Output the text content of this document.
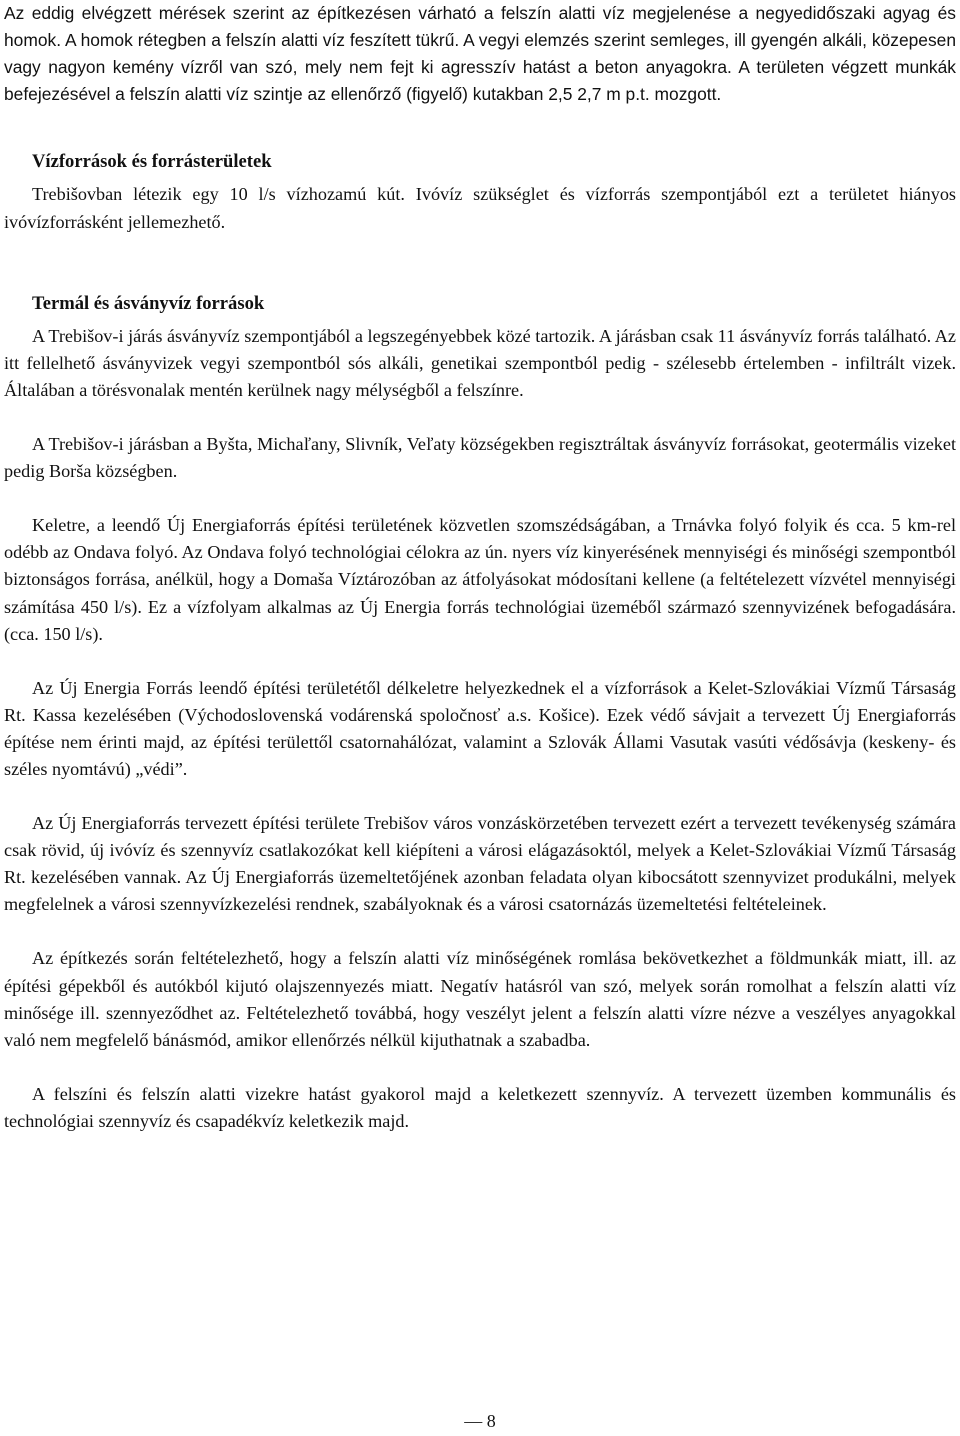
Az eddig elvégzett mérések szerint az építkezésen várható a felszín alatti víz megjelenése a negyedidőszaki agyag és homok. A homok rétegben a felszín alatti víz feszített tükrű. A vegyi elemzés szerint semleges, ill gyengén alkáli, közepesen vagy nagyon kemény vízről van szó, mely nem fejt ki agresszív hatást a beton anyagokra. A területen végzett munkák befejezésével a felszín alatti víz szintje az ellenőrző (figyelő) kutakban 2,5 2,7 m p.t. mozgott.

Vízforrások és forrásterületek

Trebišovban létezik egy 10 l/s vízhozamú kút. Ivóvíz szükséglet és vízforrás szempontjából ezt a területet hiányos ivóvízforrásként jellemezhető.

Termál és ásványvíz források

A Trebišov-i járás ásványvíz szempontjából a legszegényebbek közé tartozik. A járásban csak 11 ásványvíz forrás található. Az itt fellelhető ásványvizek vegyi szempontból sós alkáli, genetikai szempontból pedig - szélesebb értelemben - infiltrált vizek. Általában a törésvonalak mentén kerülnek nagy mélységből a felszínre.

A Trebišov-i járásban a Byšta, Michaľany, Slivník, Veľaty községekben regisztráltak ásványvíz forrásokat, geotermális vizeket pedig Borša községben.

Keletre, a leendő Új Energiaforrás építési területének közvetlen szomszédságában, a Trnávka folyó folyik és cca. 5 km-rel odébb az Ondava folyó. Az Ondava folyó technológiai célokra az ún. nyers víz kinyerésének mennyiségi és minőségi szempontból biztonságos forrása, anélkül, hogy a Domaša Víztározóban az átfolyásokat módosítani kellene (a feltételezett vízvétel mennyiségi számítása 450 l/s). Ez a vízfolyam alkalmas az Új Energia forrás technológiai üzeméből származó szennyvizének befogadására. (cca. 150 l/s).

Az Új Energia Forrás leendő építési területétől délkeletre helyezkednek el a vízforrások a Kelet-Szlovákiai Vízmű Társaság Rt. Kassa kezelésében (Východoslovenská vodárenská spoločnosť a.s. Košice). Ezek védő sávjait a tervezett Új Energiaforrás építése nem érinti majd, az építési területtől csatornahálózat, valamint a Szlovák Állami Vasutak vasúti védősávja (keskeny- és széles nyomtávú) „védi”.

Az Új Energiaforrás tervezett építési területe Trebišov város vonzáskörzetében tervezett ezért a tervezett tevékenység számára csak rövid, új ivóvíz és szennyvíz csatlakozókat kell kiépíteni a városi elágazásoktól, melyek a Kelet-Szlovákiai Vízmű Társaság Rt. kezelésében vannak. Az Új Energiaforrás üzemeltetőjének azonban feladata olyan kibocsátott szennyvizet produkálni, melyek megfelelnek a városi szennyvízkezelési rendnek, szabályoknak és a városi csatornázás üzemeltetési feltételeinek.

Az építkezés során feltételezhető, hogy a felszín alatti víz minőségének romlása bekövetkezhet a földmunkák miatt, ill. az építési gépekből és autókból kijutó olajszennyezés miatt. Negatív hatásról van szó, melyek során romolhat a felszín alatti víz minősége ill. szennyeződhet az. Feltételezhető továbbá, hogy veszélyt jelent a felszín alatti vízre nézve a veszélyes anyagokkal való nem megfelelő bánásmód, amikor ellenőrzés nélkül kijuthatnak a szabadba.

A felszíni és felszín alatti vizekre hatást gyakorol majd a keletkezett szennyvíz. A tervezett üzemben kommunális és technológiai szennyvíz és csapadékvíz keletkezik majd.

— 8
